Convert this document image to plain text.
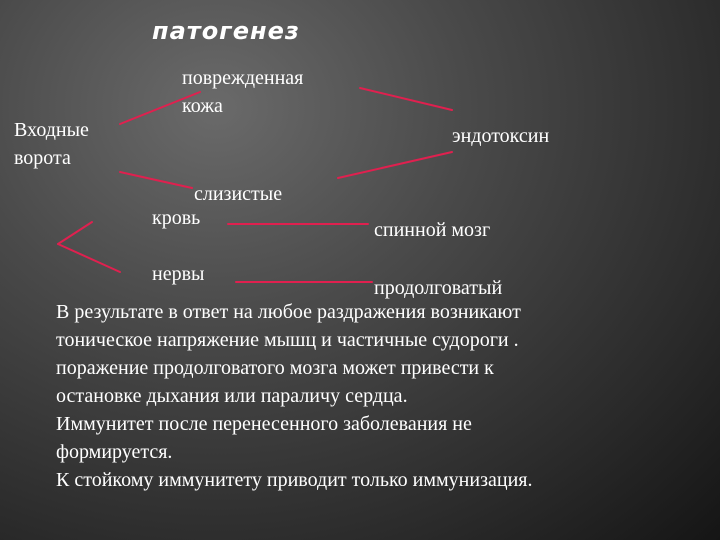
патогенез
Входные
ворота
поврежденная
кожа
эндотоксин
слизистые
кровь
спинной мозг
нервы
продолговатый
В результате в ответ на любое раздражения возникают
тоническое напряжение мышц и частичные судороги .
поражение продолговатого мозга может привести к
остановке дыхания или параличу сердца.
Иммунитет после перенесенного заболевания не
формируется.
К стойкому иммунитету приводит только иммунизация.
